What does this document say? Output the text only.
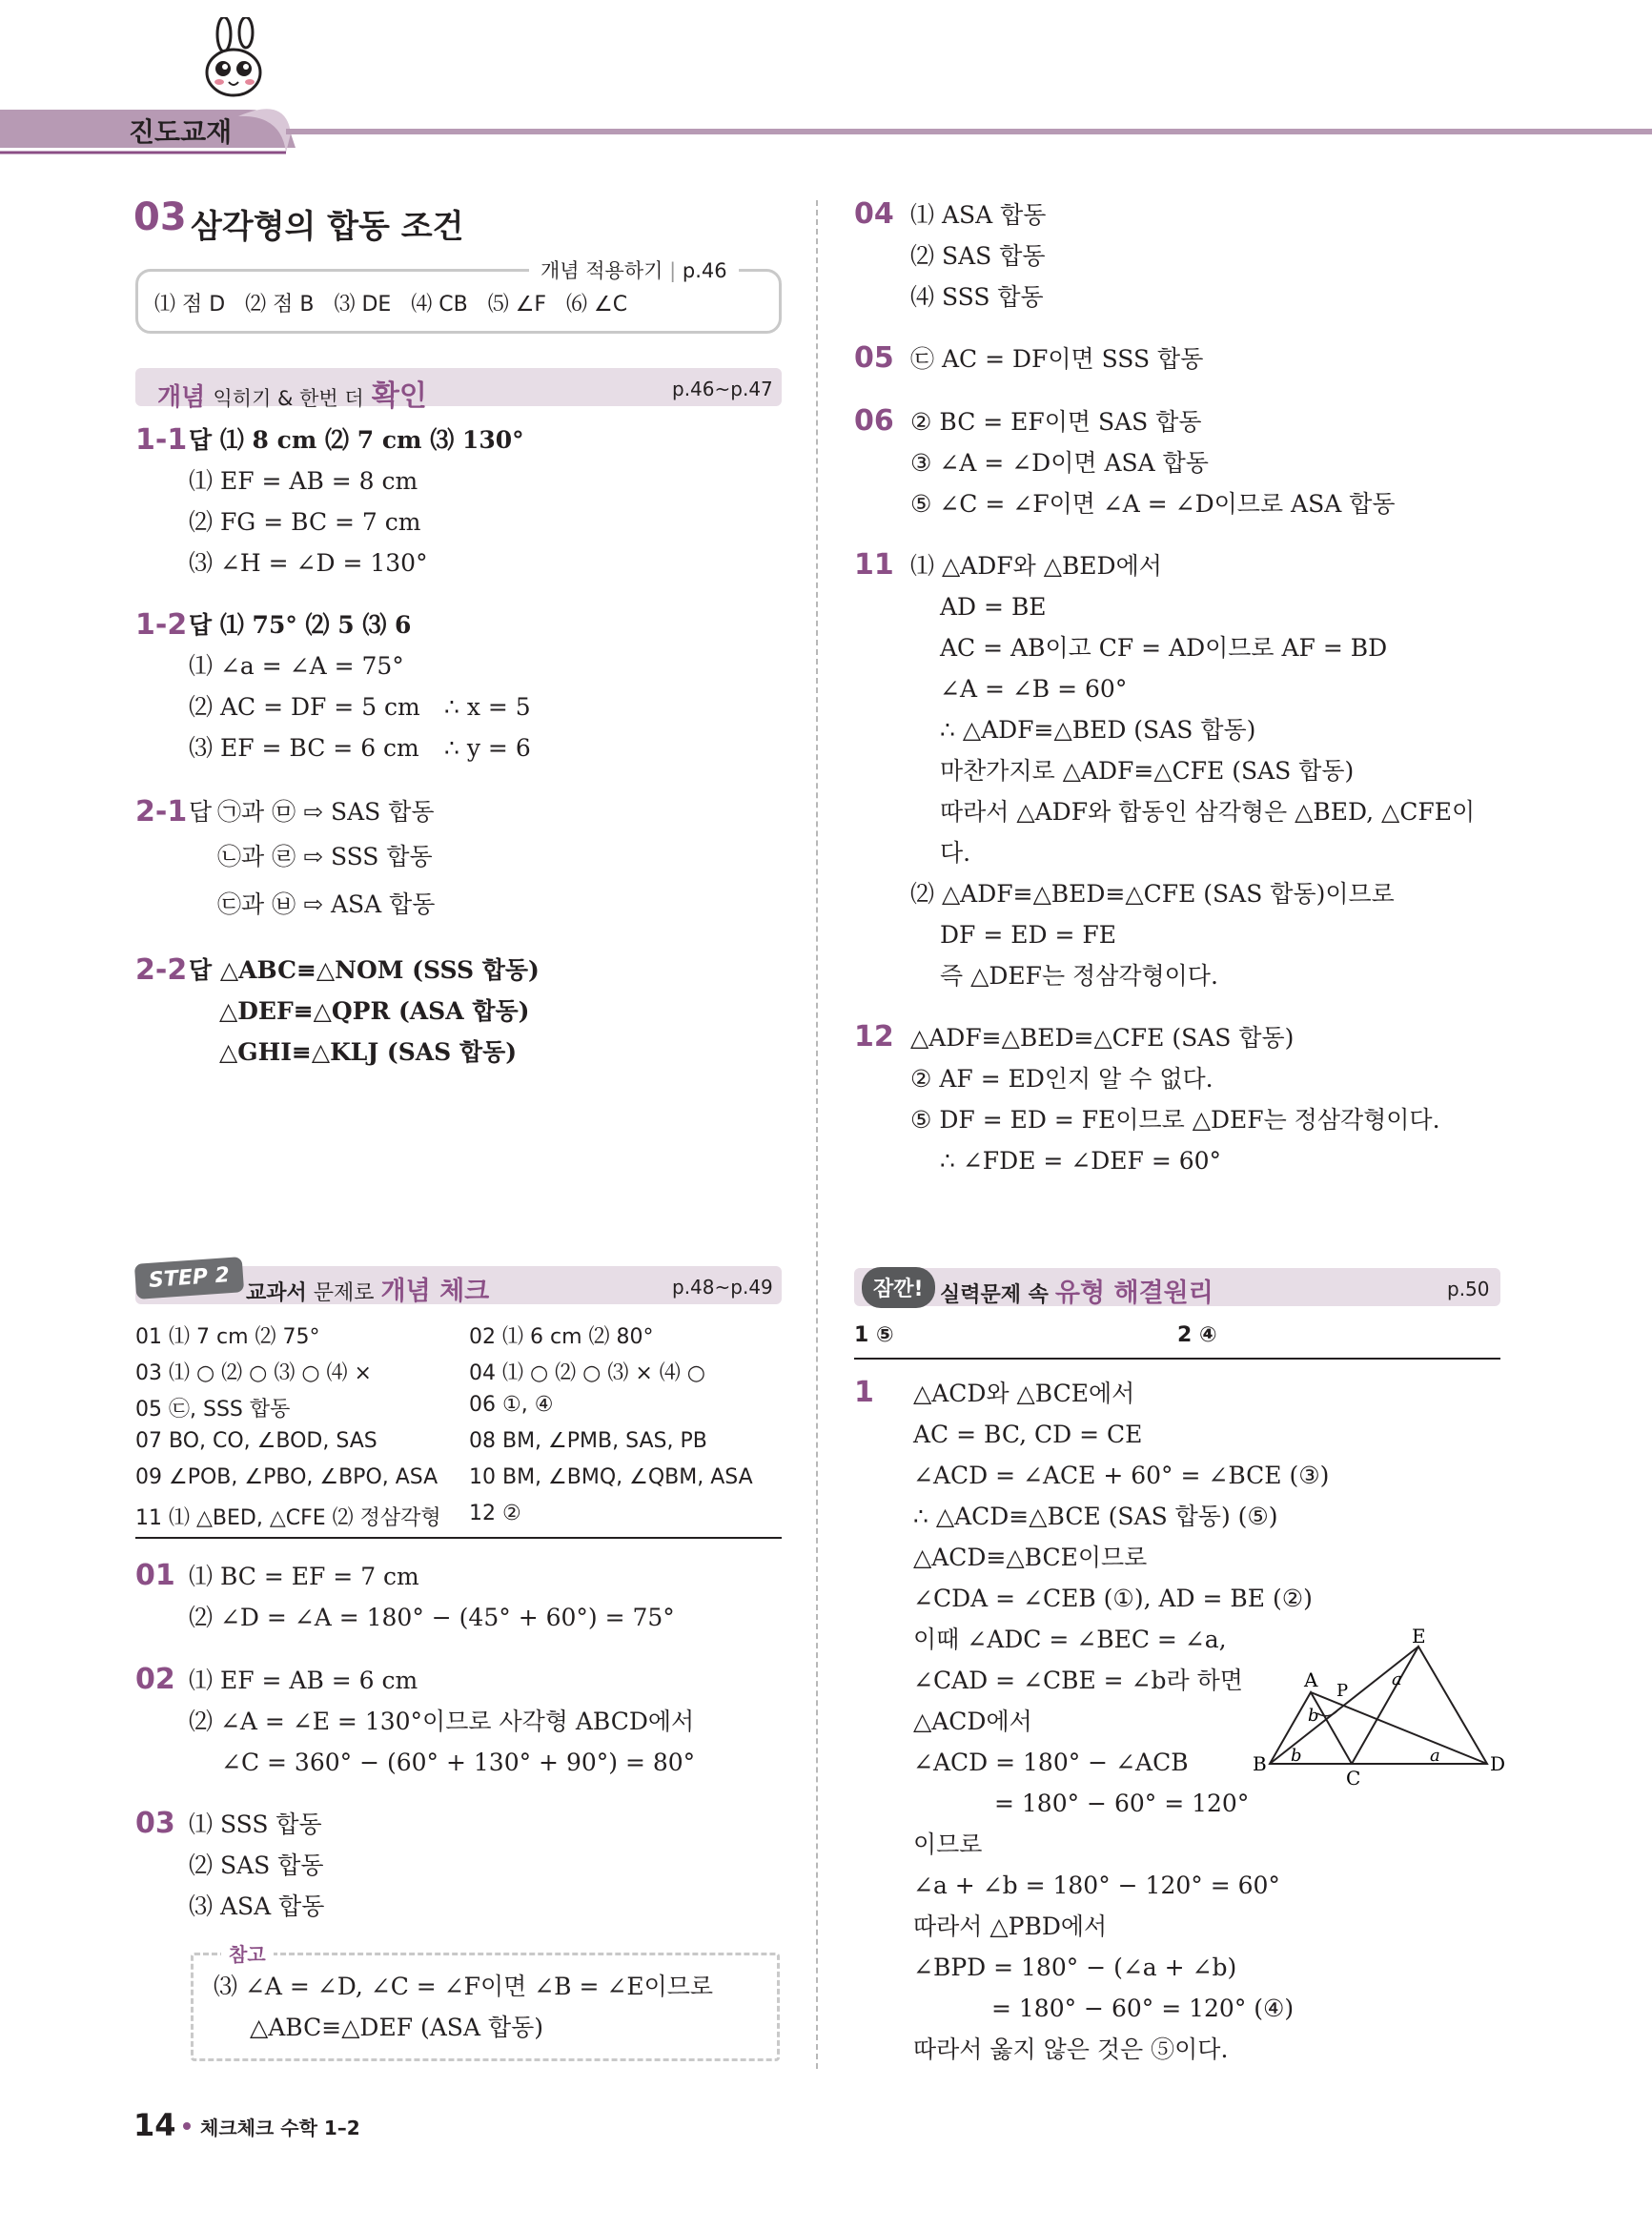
진도교재
03 삼각형의 합동 조건
개념 적용하기 | p.46
⑴ 점 D   ⑵ 점 B   ⑶ DE   ⑷ CB   ⑸ ∠F   ⑹ ∠C
개념 익히기 & 한번 더 확인	p.46~p.47
1-1 답 ⑴ 8 cm ⑵ 7 cm ⑶ 130°
⑴ EF = AB = 8 cm
⑵ FG = BC = 7 cm
⑶ ∠H = ∠D = 130°
1-2 답 ⑴ 75° ⑵ 5 ⑶ 6
⑴ ∠a = ∠A = 75°
⑵ AC = DF = 5 cm ∴ x = 5
⑶ EF = BC = 6 cm ∴ y = 6
2-1 답 ㉠과 ㉤ ⇨ SAS 합동
㉡과 ㉣ ⇨ SSS 합동
㉢과 ㉥ ⇨ ASA 합동
2-2 답 △ABC≡△NOM (SSS 합동)
△DEF≡△QPR (ASA 합동)
△GHI≡△KLJ (SAS 합동)
STEP 2
교과서 문제로 개념 체크	p.48~p.49
01 ⑴ 7 cm ⑵ 75°	02 ⑴ 6 cm ⑵ 80°
03 ⑴ ○ ⑵ ○ ⑶ ○ ⑷ ×	04 ⑴ ○ ⑵ ○ ⑶ × ⑷ ○
05 ㉢, SSS 합동	06 ①, ④
07 BO, CO, ∠BOD, SAS	08 BM, ∠PMB, SAS, PB
09 ∠POB, ∠PBO, ∠BPO, ASA 10 BM, ∠BMQ, ∠QBM, ASA
11 ⑴ △BED, △CFE ⑵ 정삼각형 12 ②
01 ⑴ BC = EF = 7 cm
⑵ ∠D = ∠A = 180° − (45° + 60°) = 75°
02 ⑴ EF = AB = 6 cm
⑵ ∠A = ∠E = 130°이므로 사각형 ABCD에서
∠C = 360° − (60° + 130° + 90°) = 80°
03 ⑴ SSS 합동
⑵ SAS 합동
⑶ ASA 합동
참고
⑶ ∠A = ∠D, ∠C = ∠F이면 ∠B = ∠E이므로
△ABC≡△DEF (ASA 합동)
04 ⑴ ASA 합동
⑵ SAS 합동
⑷ SSS 합동
05 ㉢ AC = DF이면 SSS 합동
06 ② BC = EF이면 SAS 합동
③ ∠A = ∠D이면 ASA 합동
⑤ ∠C = ∠F이면 ∠A = ∠D이므로 ASA 합동
11 ⑴ △ADF와 △BED에서
AD = BE
AC = AB이고 CF = AD이므로 AF = BD
∠A = ∠B = 60°
∴ △ADF≡△BED (SAS 합동)
마찬가지로 △ADF≡△CFE (SAS 합동)
따라서 △ADF와 합동인 삼각형은 △BED, △CFE이
다.
⑵ △ADF≡△BED≡△CFE (SAS 합동)이므로
DF = ED = FE
즉 △DEF는 정삼각형이다.
12 △ADF≡△BED≡△CFE (SAS 합동)
② AF = ED인지 알 수 없다.
⑤ DF = ED = FE이므로 △DEF는 정삼각형이다.
∴ ∠FDE = ∠DEF = 60°
잠깐! 실력문제 속 유형 해결원리	p.50
1 ⑤	2 ④
1 △ACD와 △BCE에서
AC = BC, CD = CE
∠ACD = ∠ACE + 60° = ∠BCE (③)
∴ △ACD≡△BCE (SAS 합동) (⑤)
△ACD≡△BCE이므로
∠CDA = ∠CEB (①), AD = BE (②)
이때 ∠ADC = ∠BEC = ∠a,
∠CAD = ∠CBE = ∠b라 하면
△ACD에서
∠ACD = 180° − ∠ACB
= 180° − 60° = 120°
이므로
∠a + ∠b = 180° − 120° = 60°
따라서 △PBD에서
∠BPD = 180° − (∠a + ∠b)
= 180° − 60° = 120° (④)
따라서 옳지 않은 것은 ⑤이다.
A
B
C
D
E
P
a
a
b
b
14 체크체크 수학 1–2
